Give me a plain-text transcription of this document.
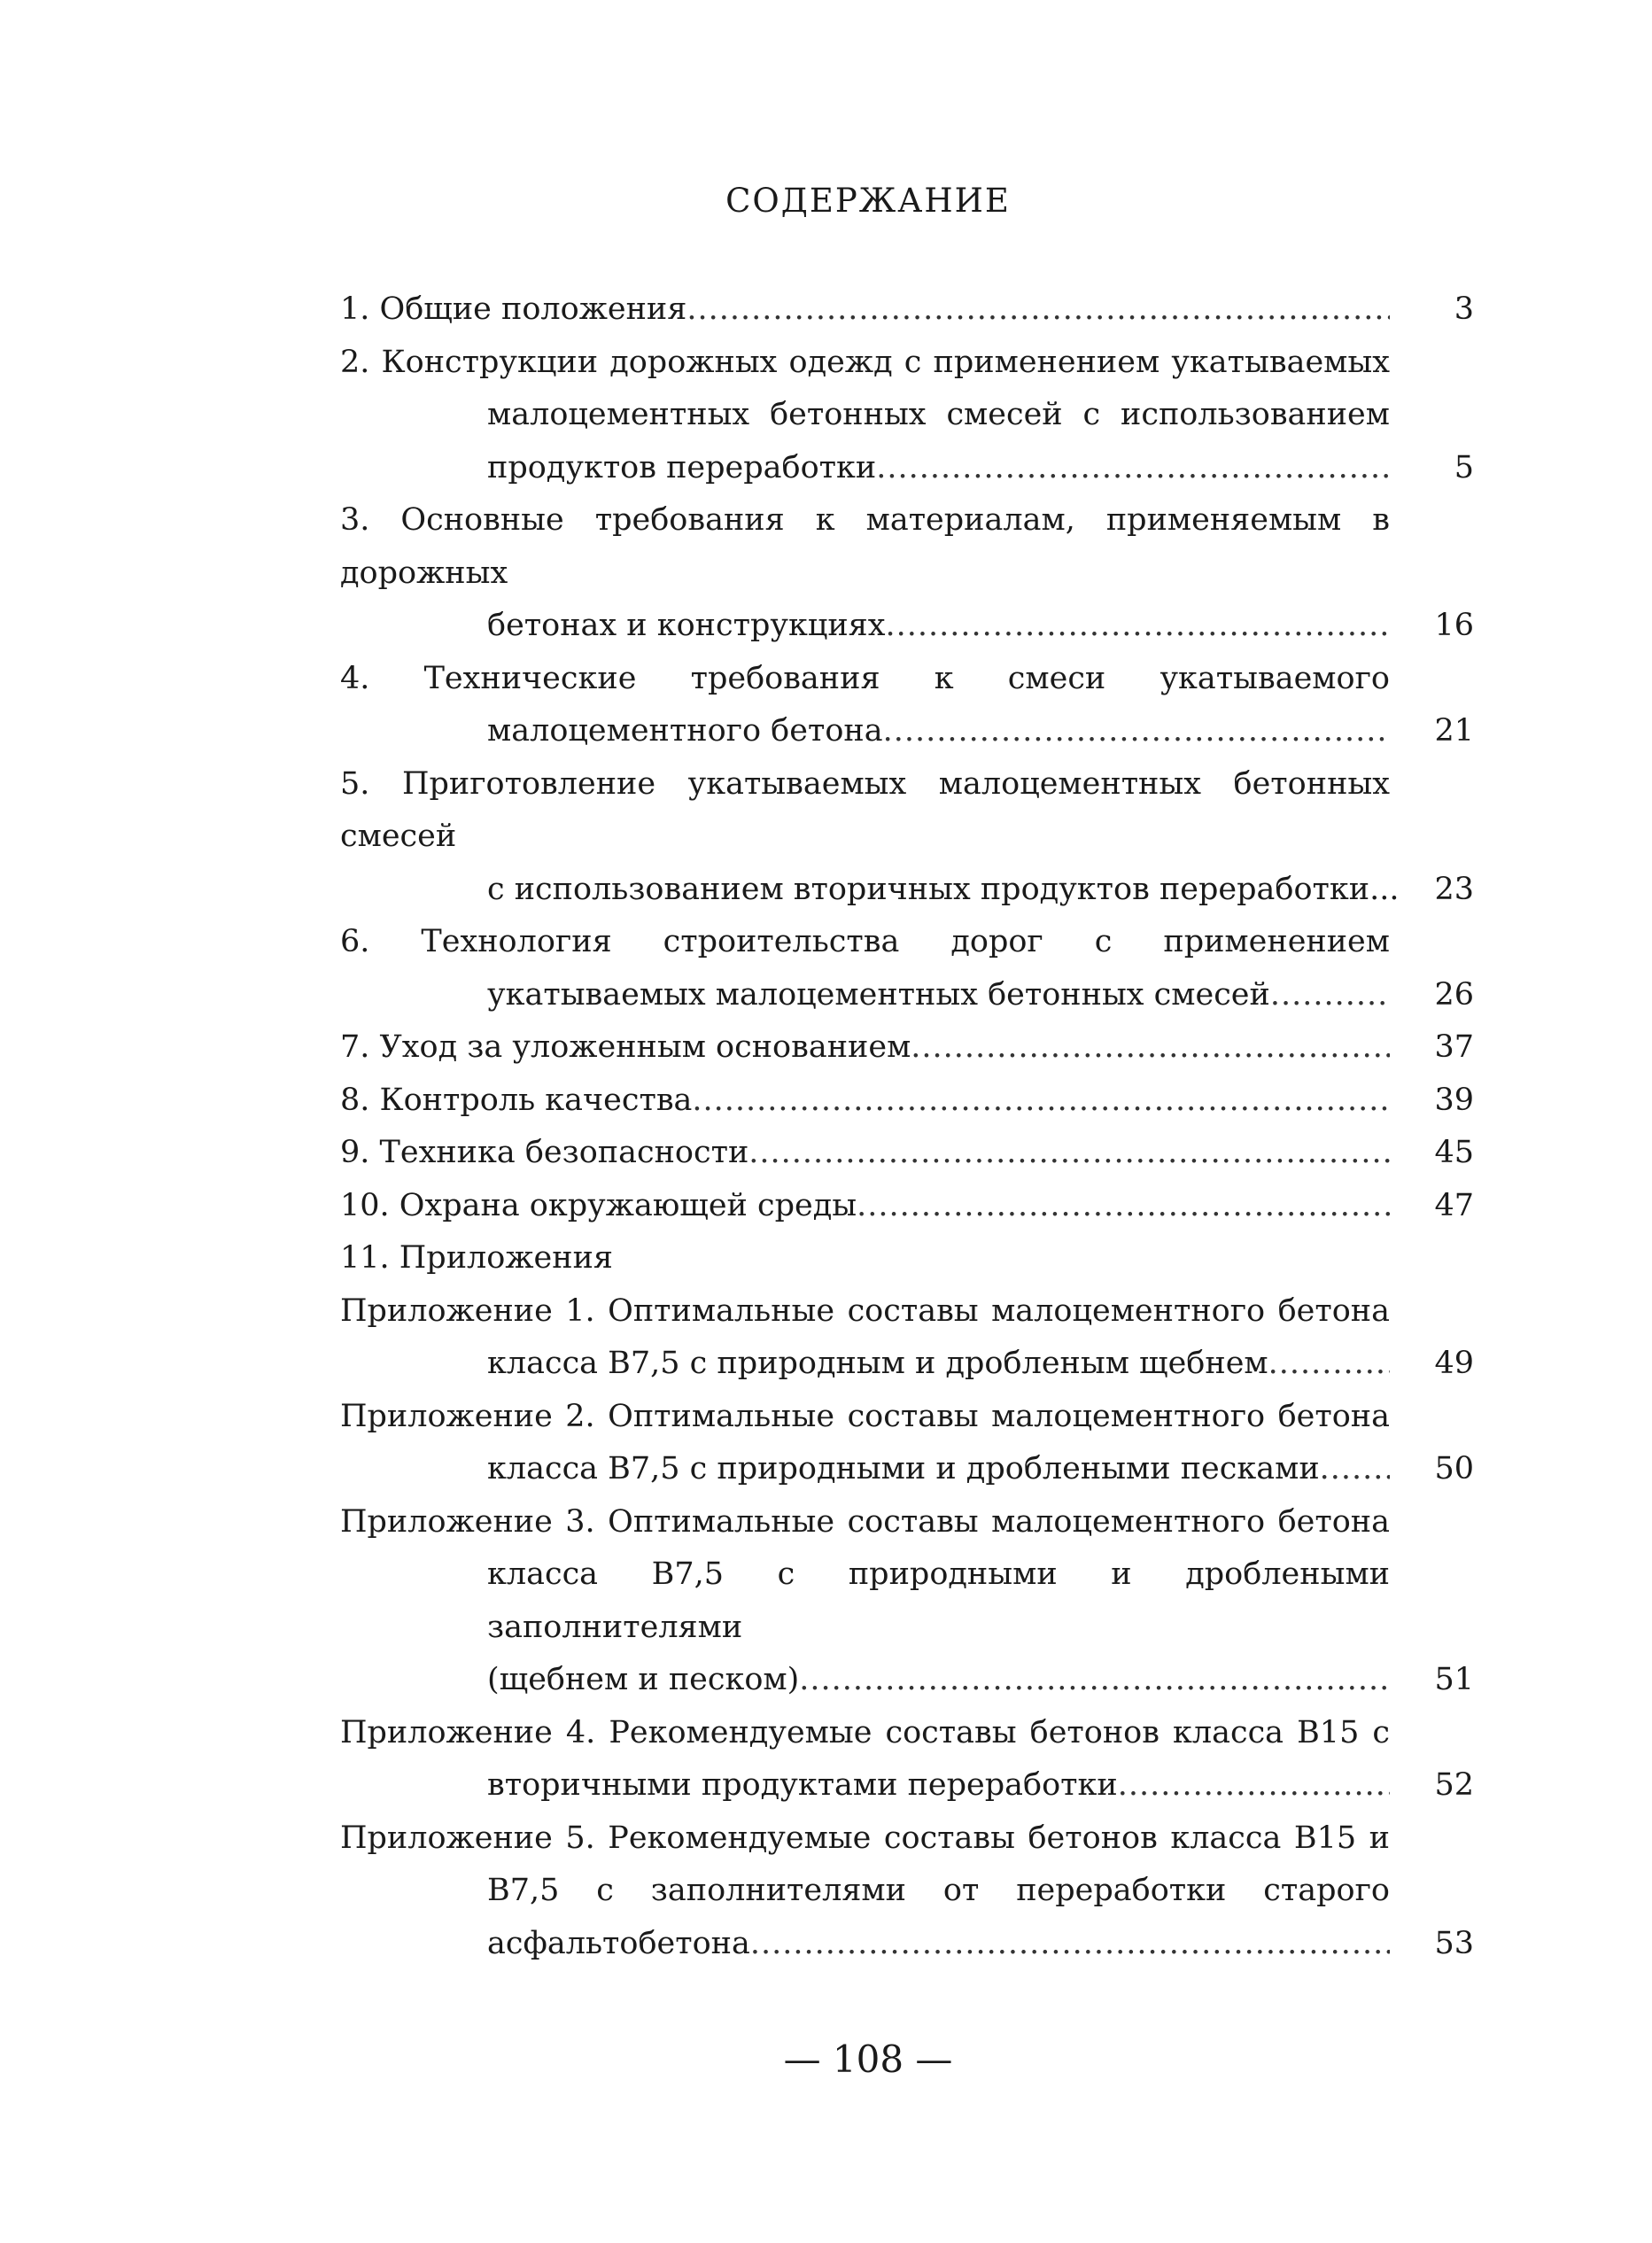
СОДЕРЖАНИЕ
1. Общие положения .....	3
2. Конструкции дорожных одежд с применением укатываемых
малоцементных бетонных смесей с использованием
продуктов переработки .....	5
3. Основные требования к материалам, применяемым в дорожных
бетонах и конструкциях .....	16
4. Технические требования к смеси укатываемого
малоцементного бетона .....	21
5. Приготовление укатываемых малоцементных бетонных смесей
с использованием вторичных продуктов переработки...	23
6. Технология строительства дорог с применением
укатываемых малоцементных бетонных смесей .....	26
7. Уход за уложенным основанием .....	37
8. Контроль качества .....	39
9. Техника безопасности .....	45
10. Охрана окружающей среды .....	47
11. Приложения
Приложение 1. Оптимальные составы малоцементного бетона
класса В7,5 с природным и дробленым щебнем .....	49
Приложение 2. Оптимальные составы малоцементного бетона
класса В7,5 с природными и дроблеными песками .....	50
Приложение 3. Оптимальные составы малоцементного бетона
класса В7,5 с природными и дроблеными заполнителями
(щебнем и песком) .....	51
Приложение 4. Рекомендуемые составы бетонов класса В15 с
вторичными продуктами переработки .....	52
Приложение 5. Рекомендуемые составы бетонов класса В15 и
В7,5 с заполнителями от переработки старого
асфальтобетона .....	53
— 108 —
